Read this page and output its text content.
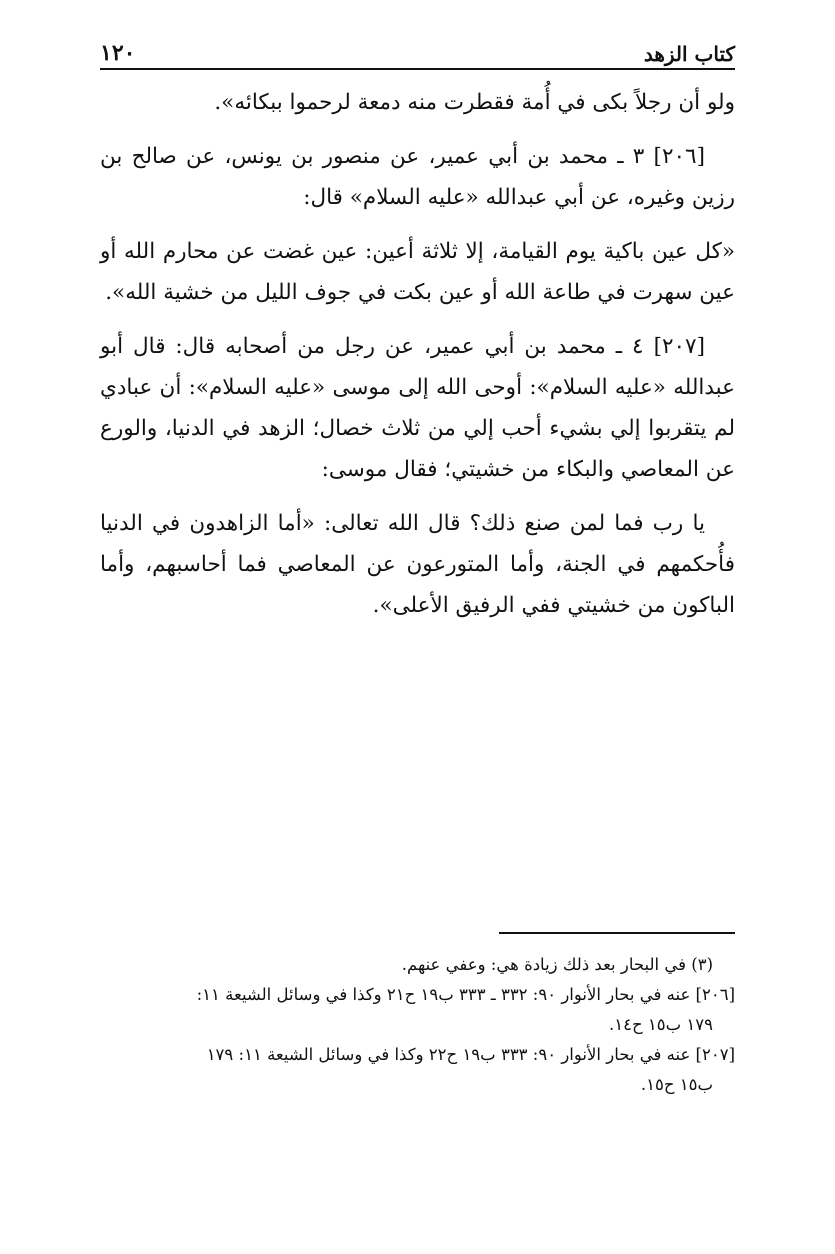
كتاب الزهد
١٢٠

ولو أن رجلاً بكى في أُمة فقطرت منه دمعة لرحموا ببكائه».

[٢٠٦] ٣ ـ محمد بن أبي عمير، عن منصور بن يونس، عن صالح بن رزين وغيره، عن أبي عبدالله «عليه السلام» قال:

«كل عين باكية يوم القيامة، إلا ثلاثة أعين: عين غضت عن محارم الله أو عين سهرت في طاعة الله أو عين بكت في جوف الليل من خشية الله».

[٢٠٧] ٤ ـ محمد بن أبي عمير، عن رجل من أصحابه قال: قال أبو عبدالله «عليه السلام»: أوحى الله إلى موسى «عليه السلام»: أن عبادي لم يتقربوا إلي بشيء أحب إلي من ثلاث خصال؛ الزهد في الدنيا، والورع عن المعاصي والبكاء من خشيتي؛ فقال موسى:

يا رب فما لمن صنع ذلك؟ قال الله تعالى: «أما الزاهدون في الدنيا فأُحكمهم في الجنة، وأما المتورعون عن المعاصي فما أحاسبهم، وأما الباكون من خشيتي ففي الرفيق الأعلى».

(٣) في البحار بعد ذلك زيادة هي: وعفي عنهم.

[٢٠٦] عنه في بحار الأنوار ٩٠: ٣٣٢ ـ ٣٣٣ ب١٩ ح٢١ وكذا في وسائل الشيعة ١١:

١٧٩ ب١٥ ح١٤.

[٢٠٧] عنه في بحار الأنوار ٩٠: ٣٣٣ ب١٩ ح٢٢ وكذا في وسائل الشيعة ١١: ١٧٩

ب١٥ ح١٥.
